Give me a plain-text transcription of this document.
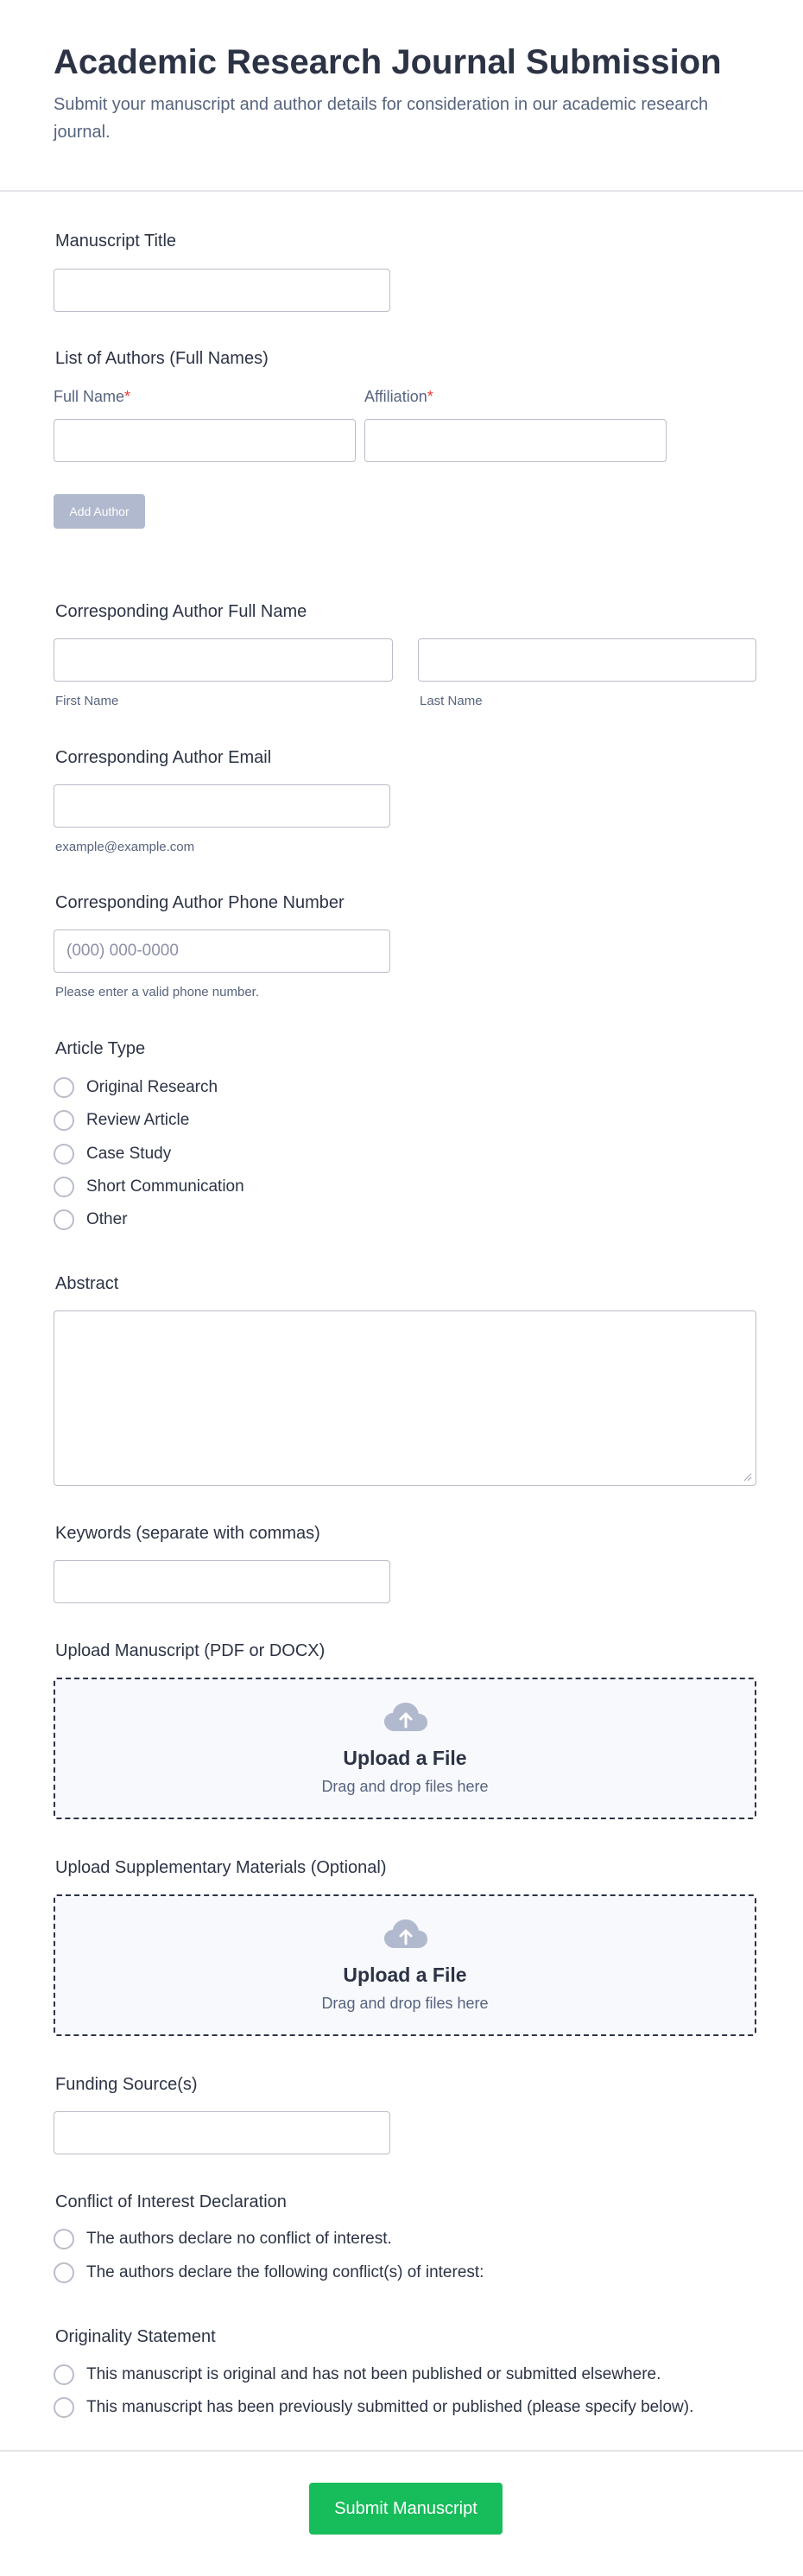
Academic Research Journal Submission
Submit your manuscript and author details for consideration in our academic research journal.
Manuscript Title
List of Authors (Full Names)
Full Name*	Affiliation*
Add Author
Corresponding Author Full Name
First Name	Last Name
Corresponding Author Email
example@example.com
Corresponding Author Phone Number
(000) 000-0000
Please enter a valid phone number.
Article Type
Original Research
Review Article
Case Study
Short Communication
Other
Abstract
Keywords (separate with commas)
Upload Manuscript (PDF or DOCX)
Upload a File
Drag and drop files here
Upload Supplementary Materials (Optional)
Upload a File
Drag and drop files here
Funding Source(s)
Conflict of Interest Declaration
The authors declare no conflict of interest.
The authors declare the following conflict(s) of interest:
Originality Statement
This manuscript is original and has not been published or submitted elsewhere.
This manuscript has been previously submitted or published (please specify below).
Submit Manuscript
